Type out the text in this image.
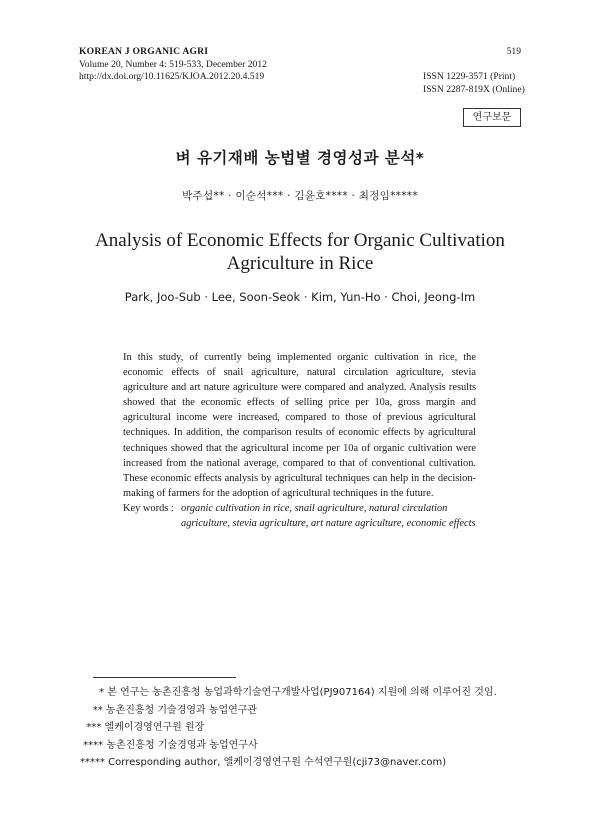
KOREAN J ORGANIC AGRI
Volume 20, Number 4: 519-533, December 2012
http://dx.doi.org/10.11625/KJOA.2012.20.4.519
519
ISSN 1229-3571 (Print)
ISSN 2287-819X (Online)
연구보문
벼 유기재배 농법별 경영성과 분석*
박주섭** · 이순석*** · 김윤호**** · 최정임*****
Analysis of Economic Effects for Organic Cultivation
Agriculture in Rice
Park, Joo-Sub · Lee, Soon-Seok · Kim, Yun-Ho · Choi, Jeong-Im

In this study, of currently being implemented organic cultivation in rice, the economic effects of snail agriculture, natural circulation agriculture, stevia agriculture and art nature agriculture were compared and analyzed. Analysis results showed that the economic effects of selling price per 10a, gross margin and agricultural income were increased, compared to those of previous agricultural techniques. In addition, the comparison results of economic effects by agricultural techniques showed that the agricultural income per 10a of organic cultivation were increased from the national average, compared to that of conventional cultivation. These economic effects analysis by agricultural techniques can help in the decision-making of farmers for the adoption of agricultural techniques in the future.

Key words : organic cultivation in rice, snail agriculture, natural circulation agriculture, stevia agriculture, art nature agriculture, economic effects
* 본 연구는 농촌진흥청 농업과학기술연구개발사업(PJ907164) 지원에 의해 이루어진 것임.
** 농촌진흥청 기술경영과 농업연구관
*** 엘케이경영연구원 원장
**** 농촌진흥청 기술경영과 농업연구사
***** Corresponding author, 엘케이경영연구원 수석연구원(cji73@naver.com)
